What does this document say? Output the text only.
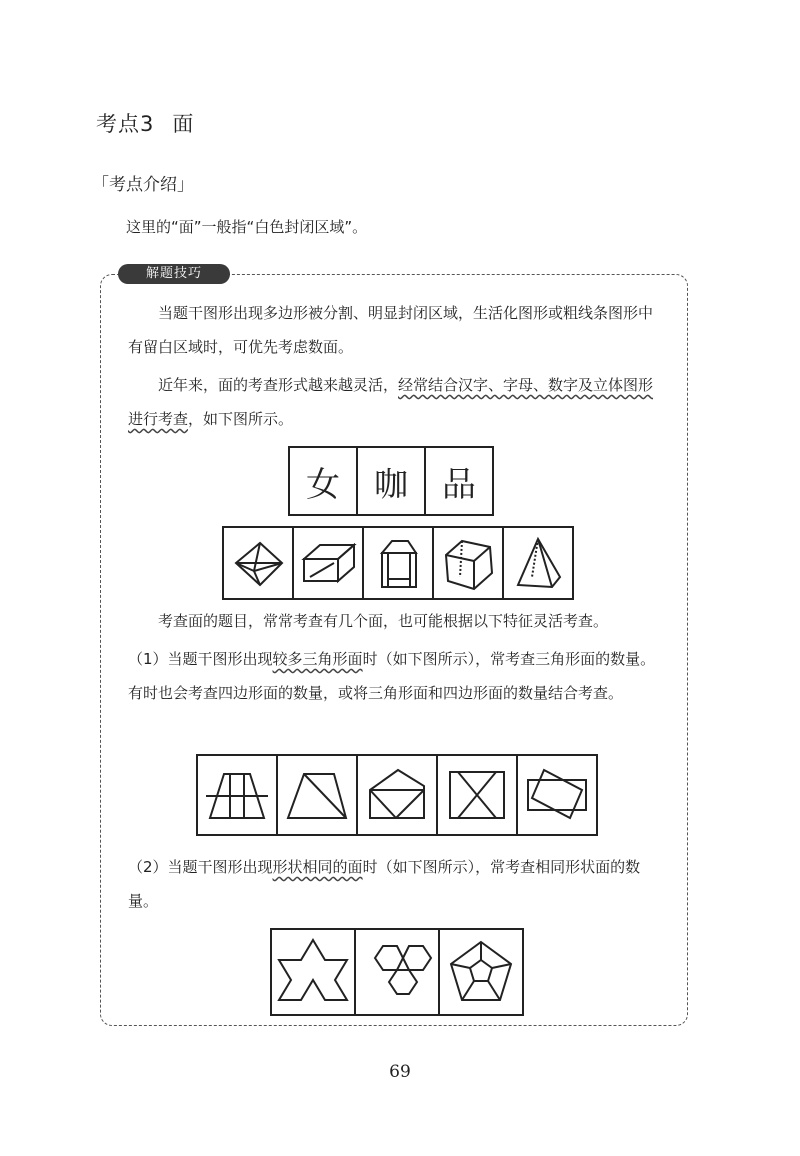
考点3 面
「考点介绍」
这里的“面”一般指“白色封闭区域”。
解题技巧
当题干图形出现多边形被分割、明显封闭区域，生活化图形或粗线条图形中有留白区域时，可优先考虑数面。
近年来，面的考查形式越来越灵活，经常结合汉字、字母、数字及立体图形进行考查，如下图所示。
女	咖	品
考查面的题目，常常考查有几个面，也可能根据以下特征灵活考查。
（1）当题干图形出现较多三角形面时（如下图所示），常考查三角形面的数量。有时也会考查四边形面的数量，或将三角形面和四边形面的数量结合考查。
（2）当题干图形出现形状相同的面时（如下图所示），常考查相同形状面的数量。
69
